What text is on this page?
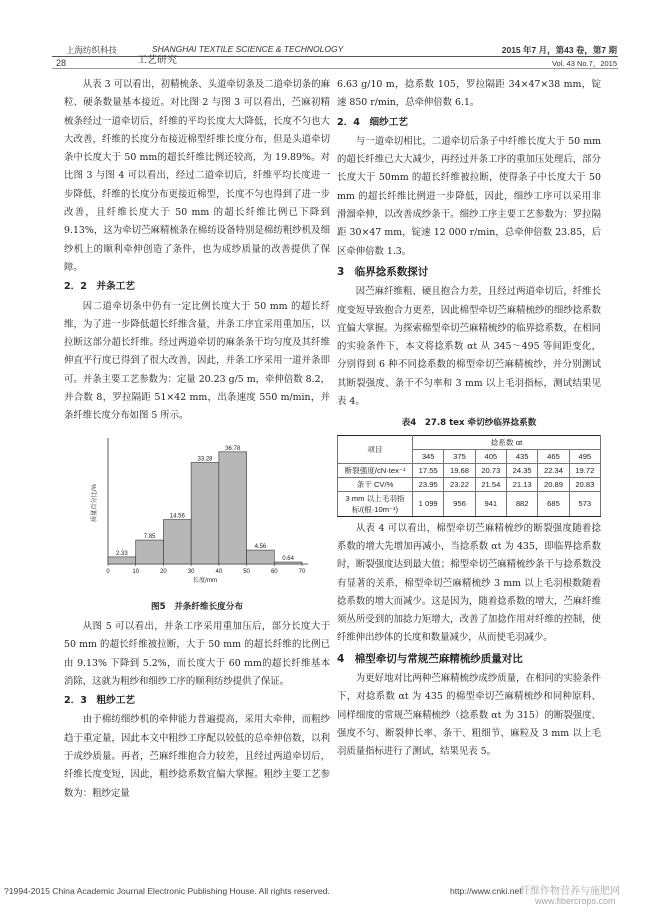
上海纺织科技	SHANGHAI TEXTILE SCIENCE & TECHNOLOGY	2015 年7 月，第43 卷，第7 期
28	工艺研究	Vol. 43 No.7，2015

从表 3 可以看出，初精梳条、头道牵切条及二道牵切条的麻粒、硬条数量基本接近。对比图 2 与图 3 可以看出，苎麻初精梳条经过一道牵切后，纤维的平均长度大大降低，长度不匀也大大改善，纤维的长度分布接近棉型纤维长度分布，但是头道牵切条中长度大于 50 mm的超长纤维比例还较高，为 19.89%。对比图 3 与图 4 可以看出，经过二道牵切后，纤维平均长度进一步降低，纤维的长度分布更接近棉型，长度不匀也得到了进一步改善，且纤维长度大于 50 mm 的超长纤维比例已下降到 9.13%，这为牵切苎麻精梳条在棉纺设备特别是棉纺粗纱机及细纱机上的顺利牵伸创造了条件，也为成纱质量的改善提供了保障。

2．2　并条工艺

因二道牵切条中仍有一定比例长度大于 50 mm 的超长纤维，为了进一步降低超长纤维含量，并条工序宜采用重加压，以拉断这部分超长纤维。经过两道牵切的麻条条干均匀度及其纤维伸直平行度已得到了很大改善，因此，并条工序采用一道并条即可。并条主要工艺参数为：定量 20.23 g/5 m，牵伸倍数 8.2，并合数 8，罗拉隔距 51×42 mm，出条速度 550 m/min，并条纤维长度分布如图 5 所示。

2.33
7.85
14.56
33.28
36.78
4.56
0.64
0	10	20	30	40	50	60	70
长度/mm
质量百分比/%
图5　并条纤维长度分布

从图 5 可以看出，并条工序采用重加压后，部分长度大于 50 mm 的超长纤维被拉断，大于 50 mm 的超长纤维的比例已由 9.13% 下降到 5.2%，而长度大于 60 mm的超长纤维基本消除，这就为粗纱和细纱工序的顺利纺纱提供了保证。

2．3　粗纱工艺

由于棉纺细纱机的牵伸能力普遍提高，采用大牵伸，而粗纱趋于重定量，因此本文中粗纱工序配以较低的总牵伸倍数，以利于成纱质量。再者，苎麻纤维抱合力较差，且经过两道牵切后，纤维长度变短，因此，粗纱捻系数宜偏大掌握。粗纱主要工艺参数为：粗纱定量

6.63 g/10 m，捻系数 105，罗拉隔距 34×47×38 mm，锭速 850 r/min，总牵伸倍数 6.1。

2．4　细纱工艺

与一道牵切相比，二道牵切后条子中纤维长度大于 50 mm 的超长纤维已大大减少，再经过并条工序的重加压处理后，部分长度大于 50mm 的超长纤维被拉断，使得条子中长度大于 50 mm 的超长纤维比例进一步降低，因此，细纱工序可以采用非滑溜牵伸，以改善成纱条干。细纱工序主要工艺参数为：罗拉隔距 30×47 mm，锭速 12 000 r/min，总牵伸倍数 23.85，后区牵伸倍数 1.3。

3　临界捻系数探讨

因苎麻纤维粗、硬且抱合力差，且经过两道牵切后，纤维长度变短导致抱合力更差，因此棉型牵切苎麻精梳纱的细纱捻系数宜偏大掌握。为探索棉型牵切苎麻精梳纱的临界捻系数，在相同的实验条件下，本文将捻系数 αt 从 345～495 等间距变化，分别得到 6 种不同捻系数的棉型牵切苎麻精梳纱，并分别测试其断裂强度、条干不匀率和 3 mm 以上毛羽指标，测试结果见表 4。

表4　27.8 tex 牵切纱临界捻系数
项目	捻系数 αt					
	345	375	405	435	465	495
断裂强度/cN·tex⁻¹	17.55	19.68	20.73	24.35	22.34	19.72
条干 CV/%	23.95	23.22	21.54	21.13	20.89	20.83
3 mm 以上毛羽指标/(根·10m⁻¹)	1 099	956	941	882	685	573

从表 4 可以看出，棉型牵切苎麻精梳纱的断裂强度随着捻系数的增大先增加再减小，当捻系数 αt 为 435，即临界捻系数时，断裂强度达到最大值；棉型牵切苎麻精梳纱条干与捻系数没有显著的关系，棉型牵切苎麻精梳纱 3 mm 以上毛羽根数随着捻系数的增大而减少。这是因为，随着捻系数的增大，苎麻纤维须丛所受到的加捻力矩增大，改善了加捻作用对纤维的控制，使纤维伸出纱体的长度和数量减少，从而使毛羽减少。

4　棉型牵切与常规苎麻精梳纱质量对比

为更好地对比两种苎麻精梳纱成纱质量，在相同的实验条件下，对捻系数 αt 为 435 的棉型牵切苎麻精梳纱和同种原料、同样细度的常规苎麻精梳纱（捻系数 αt 为 315）的断裂强度、强度不匀、断裂伸长率、条干、粗细节、麻粒及 3 mm 以上毛羽质量指标进行了测试，结果见表 5。

?1994-2015 China Academic Journal Electronic Publishing House. All rights reserved.	http://www.cnki.net
纤维作物营养与施肥网
www.fibercrops.com
